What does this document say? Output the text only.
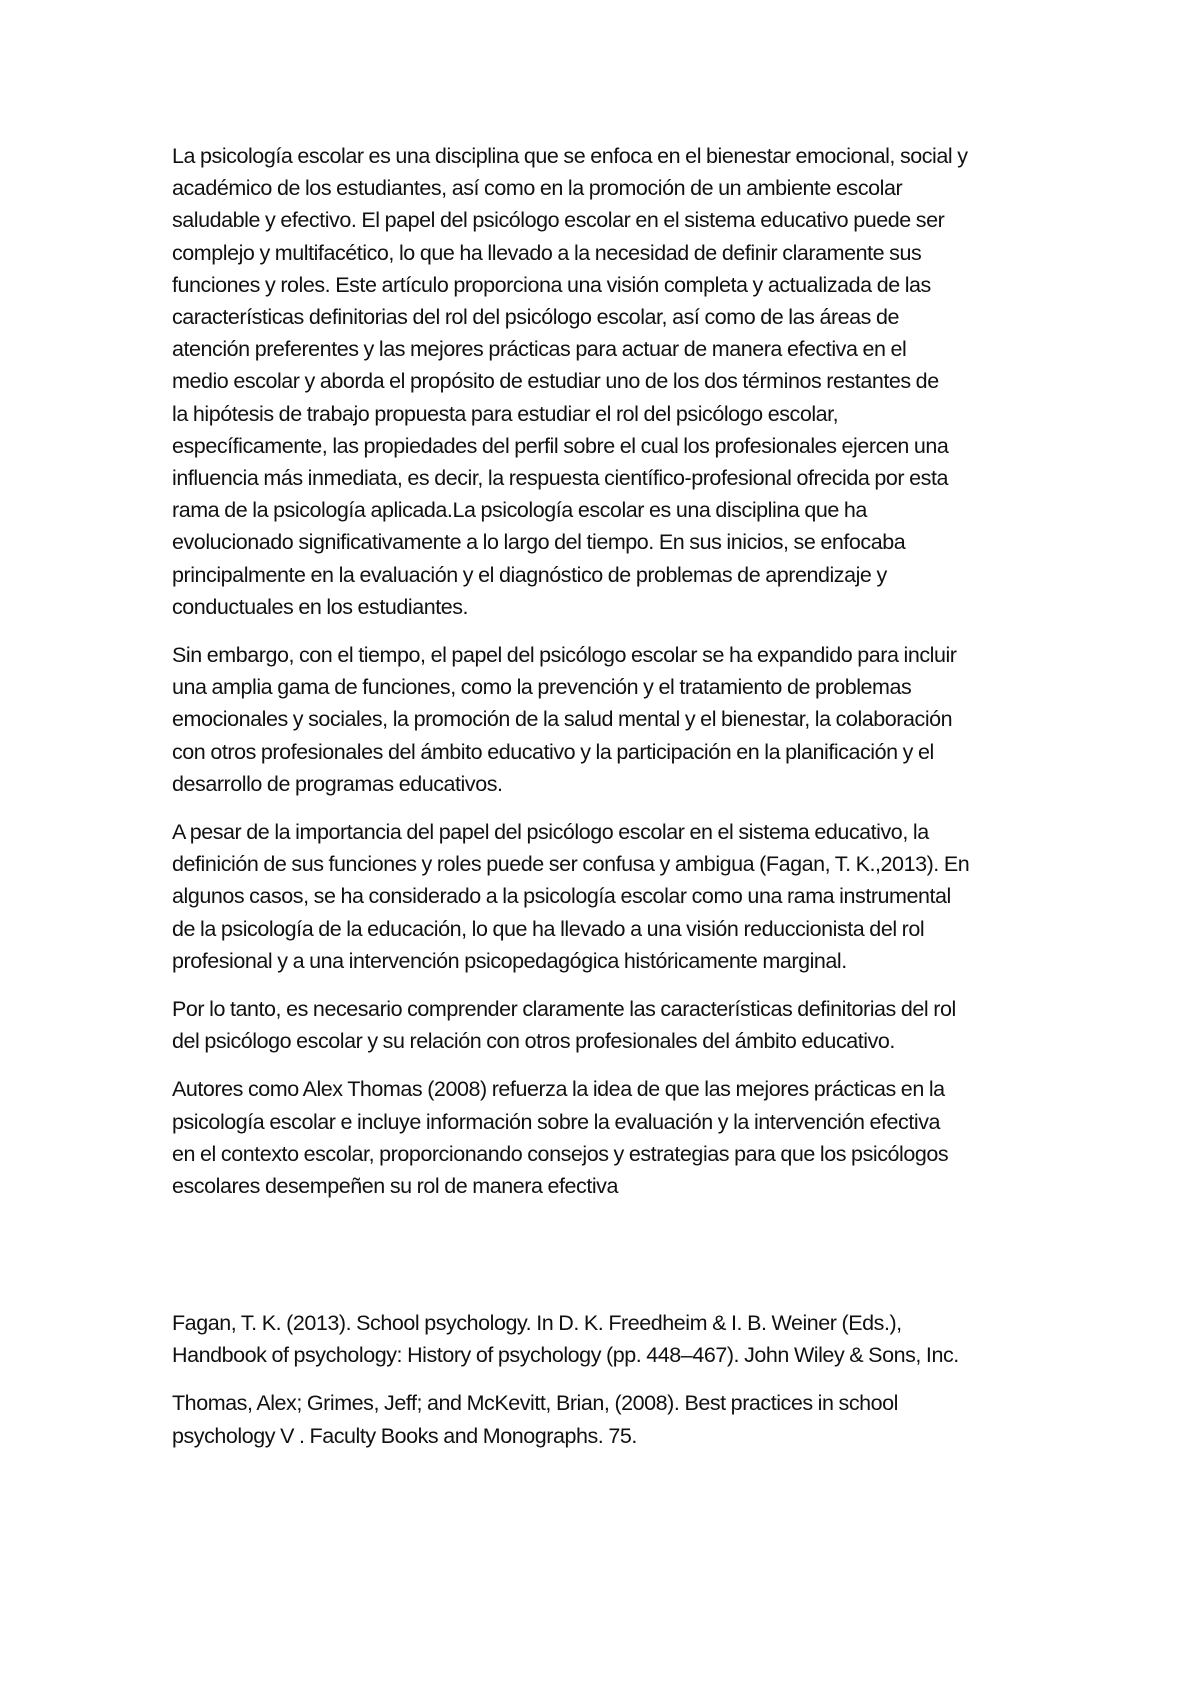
La psicología escolar es una disciplina que se enfoca en el bienestar emocional, social y
académico de los estudiantes, así como en la promoción de un ambiente escolar
saludable y efectivo. El papel del psicólogo escolar en el sistema educativo puede ser
complejo y multifacético, lo que ha llevado a la necesidad de definir claramente sus
funciones y roles. Este artículo proporciona una visión completa y actualizada de las
características definitorias del rol del psicólogo escolar, así como de las áreas de
atención preferentes y las mejores prácticas para actuar de manera efectiva en el
medio escolar y aborda el propósito de estudiar uno de los dos términos restantes de
la hipótesis de trabajo propuesta para estudiar el rol del psicólogo escolar,
específicamente, las propiedades del perfil sobre el cual los profesionales ejercen una
influencia más inmediata, es decir, la respuesta científico-profesional ofrecida por esta
rama de la psicología aplicada.La psicología escolar es una disciplina que ha
evolucionado significativamente a lo largo del tiempo. En sus inicios, se enfocaba
principalmente en la evaluación y el diagnóstico de problemas de aprendizaje y
conductuales en los estudiantes.

Sin embargo, con el tiempo, el papel del psicólogo escolar se ha expandido para incluir
una amplia gama de funciones, como la prevención y el tratamiento de problemas
emocionales y sociales, la promoción de la salud mental y el bienestar, la colaboración
con otros profesionales del ámbito educativo y la participación en la planificación y el
desarrollo de programas educativos.

A pesar de la importancia del papel del psicólogo escolar en el sistema educativo, la
definición de sus funciones y roles puede ser confusa y ambigua (Fagan, T. K.,2013). En
algunos casos, se ha considerado a la psicología escolar como una rama instrumental
de la psicología de la educación, lo que ha llevado a una visión reduccionista del rol
profesional y a una intervención psicopedagógica históricamente marginal.

Por lo tanto, es necesario comprender claramente las características definitorias del rol
del psicólogo escolar y su relación con otros profesionales del ámbito educativo.

Autores como Alex Thomas (2008) refuerza la idea de que las mejores prácticas en la
psicología escolar e incluye información sobre la evaluación y la intervención efectiva
en el contexto escolar, proporcionando consejos y estrategias para que los psicólogos
escolares desempeñen su rol de manera efectiva

Fagan, T. K. (2013). School psychology. In D. K. Freedheim & I. B. Weiner (Eds.),
Handbook of psychology: History of psychology (pp. 448–467). John Wiley & Sons, Inc.

Thomas, Alex; Grimes, Jeff; and McKevitt, Brian, (2008). Best practices in school
psychology V . Faculty Books and Monographs. 75.
